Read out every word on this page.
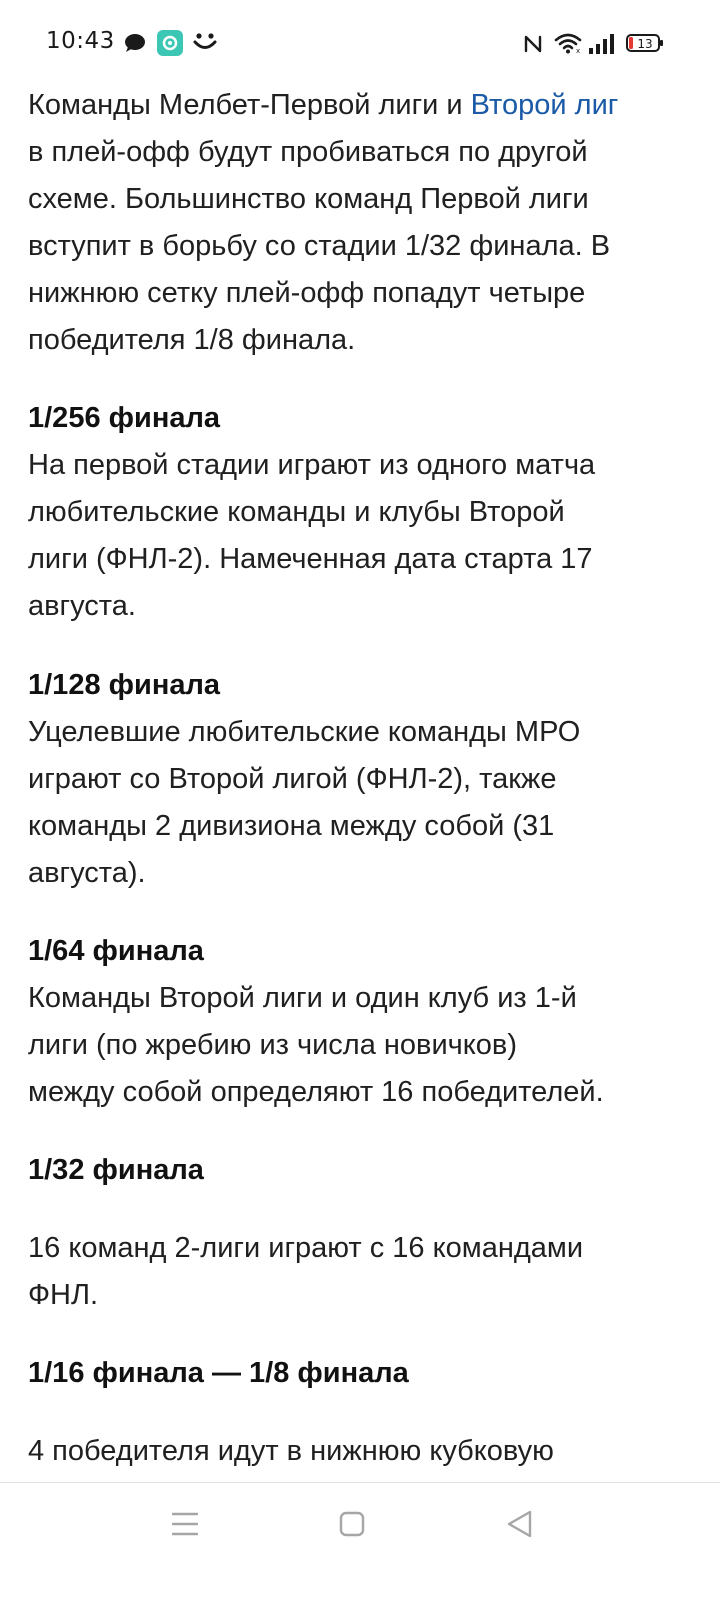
10:43	x	13

Команды Мелбет-Первой лиги и Второй лиг

в плей-офф будут пробиваться по другой

схеме. Большинство команд Первой лиги

вступит в борьбу со стадии 1/32 финала. В

нижнюю сетку плей-офф попадут четыре

победителя 1/8 финала.

1/256 финала

На первой стадии играют из одного матча

любительские команды и клубы Второй

лиги (ФНЛ-2). Намеченная дата старта 17

августа.

1/128 финала

Уцелевшие любительские команды МРО

играют со Второй лигой (ФНЛ-2), также

команды 2 дивизиона между собой (31

августа).

1/64 финала

Команды Второй лиги и один клуб из 1-й

лиги (по жребию из числа новичков)

между собой определяют 16 победителей.

1/32 финала

16 команд 2-лиги играют с 16 командами

ФНЛ.

1/16 финала — 1/8 финала

4 победителя идут в нижнюю кубковую
